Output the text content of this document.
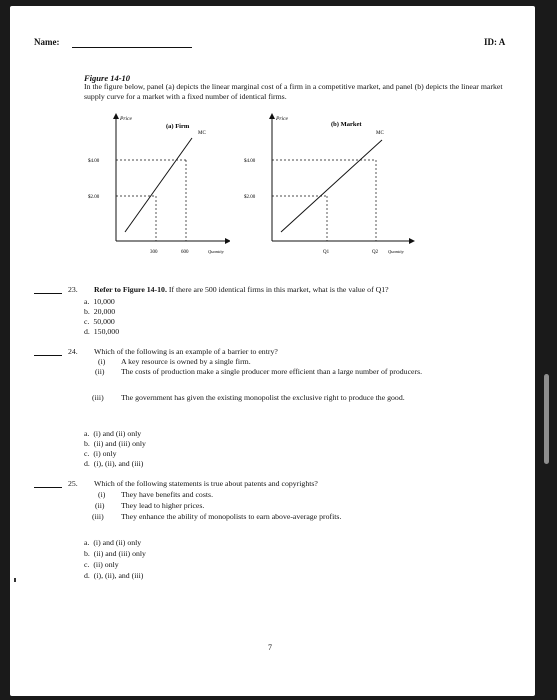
Name:	ID: A
Figure 14-10
In the figure below, panel (a) depicts the linear marginal cost of a firm in a competitive market, and panel (b) depicts the linear market supply curve for a market with a fixed number of identical firms.
Price
(a) Firm
MC
$4.00
$2.00
300	600	Quantity
Price
(b) Market
MC
$4.00
$2.00
Q1	Q2 Quantity
23. Refer to Figure 14-10. If there are 500 identical firms in this market, what is the value of Q1?
a. 10,000
b. 20,000
c. 50,000
d. 150,000
24. Which of the following is an example of a barrier to entry?
(i) A key resource is owned by a single firm.
(ii) The costs of production make a single producer more efficient than a large number of producers.
(iii) The government has given the existing monopolist the exclusive right to produce the good.
a. (i) and (ii) only
b. (ii) and (iii) only
c. (i) only
d. (i), (ii), and (iii)
25. Which of the following statements is true about patents and copyrights?
(i) They have benefits and costs.
(ii) They lead to higher prices.
(iii) They enhance the ability of monopolists to earn above-average profits.
a. (i) and (ii) only
b. (ii) and (iii) only
c. (ii) only
d. (i), (ii), and (iii)
7
